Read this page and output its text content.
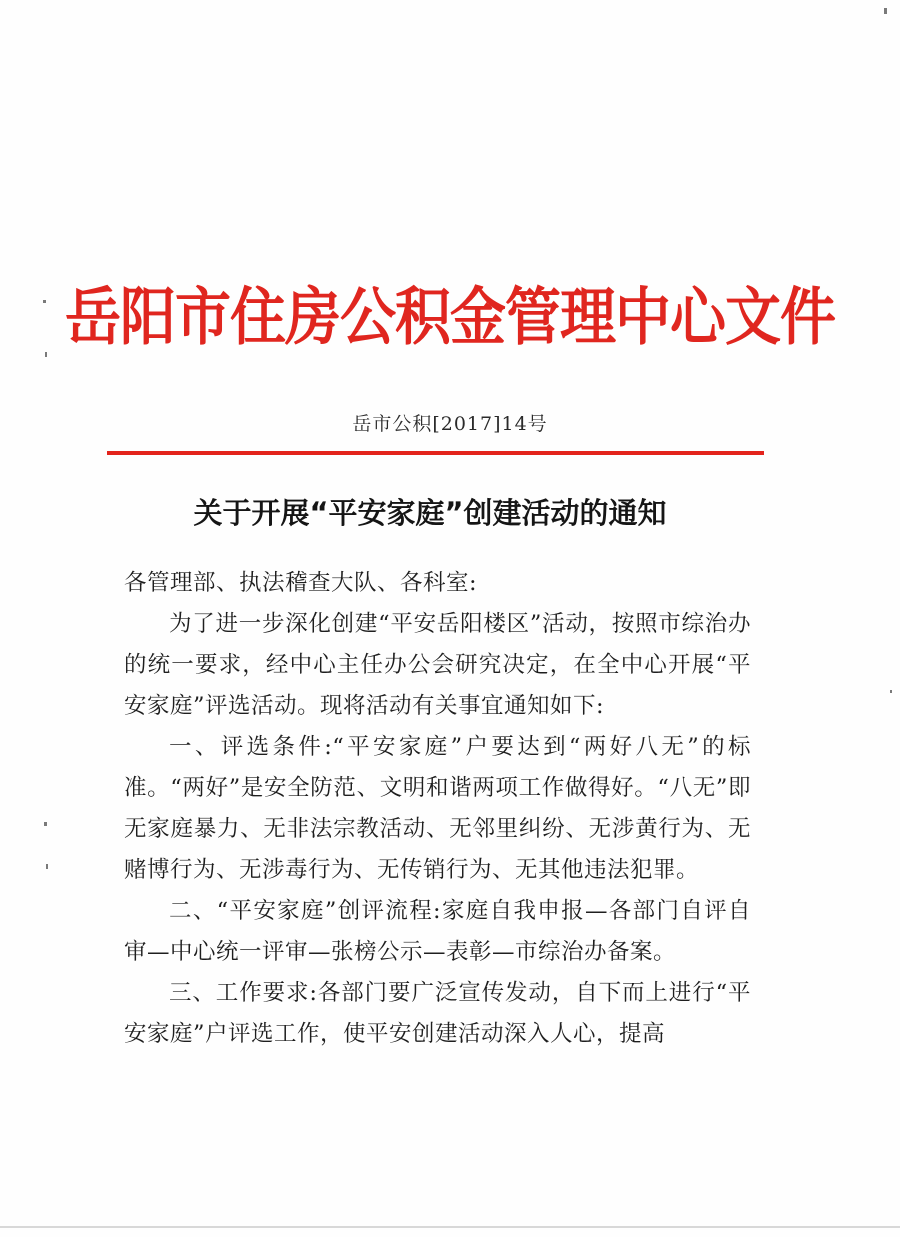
岳阳市住房公积金管理中心文件
岳市公积[2017]14号
关于开展“平安家庭”创建活动的通知

各管理部、执法稽查大队、各科室:

为了进一步深化创建“平安岳阳楼区”活动，按照市综治办的统一要求，经中心主任办公会研究决定，在全中心开展“平安家庭”评选活动。现将活动有关事宜通知如下:

一、评选条件:“平安家庭”户要达到“两好八无”的标准。“两好”是安全防范、文明和谐两项工作做得好。“八无”即无家庭暴力、无非法宗教活动、无邻里纠纷、无涉黄行为、无赌博行为、无涉毒行为、无传销行为、无其他违法犯罪。

二、“平安家庭”创评流程:家庭自我申报—各部门自评自审—中心统一评审—张榜公示—表彰—市综治办备案。

三、工作要求:各部门要广泛宣传发动，自下而上进行“平安家庭”户评选工作，使平安创建活动深入人心，提高
